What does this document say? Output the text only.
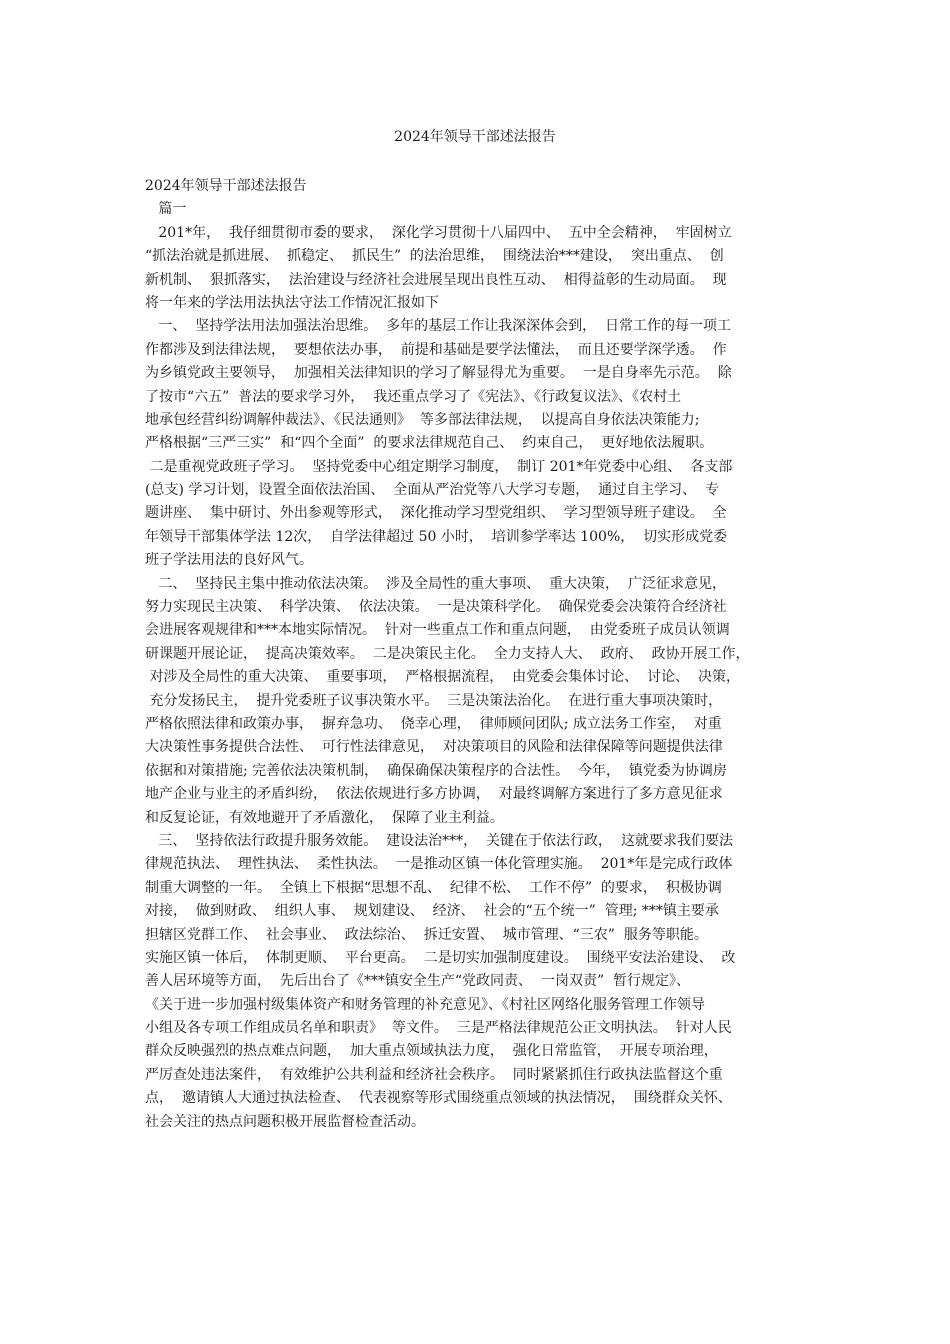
2024年领导干部述法报告
2024年领导干部述法报告
篇一
201*年，  我仔细贯彻市委的要求，  深化学习贯彻十八届四中、  五中全会精神，  牢固树立
“抓法治就是抓进展、  抓稳定、  抓民生”  的法治思维，  围绕法治***建设，  突出重点、  创
新机制、  狠抓落实，  法治建设与经济社会进展呈现出良性互动、  相得益彰的生动局面。  现
将一年来的学法用法执法守法工作情况汇报如下
一、  坚持学法用法加强法治思维。  多年的基层工作让我深深体会到，  日常工作的每一项工
作都涉及到法律法规，  要想依法办事，  前提和基础是要学法懂法，  而且还要学深学透。  作
为乡镇党政主要领导，  加强相关法律知识的学习了解显得尤为重要。  一是自身率先示范。  除
了按市“六五”  普法的要求学习外，  我还重点学习了《宪法》、《行政复议法》、《农村土
地承包经营纠纷调解仲裁法》、《民法通则》  等多部法律法规，  以提高自身依法决策能力;
严格根据“三严三实”  和“四个全面”  的要求法律规范自己、  约束自己，  更好地依法履职。
二是重视党政班子学习。  坚持党委中心组定期学习制度，  制订 201*年党委中心组、  各支部
(总支) 学习计划，设置全面依法治国、  全面从严治党等八大学习专题，  通过自主学习、  专
题讲座、  集中研讨、外出参观等形式，  深化推动学习型党组织、  学习型领导班子建设。  全
年领导干部集体学法 12次，  自学法律超过 50 小时，  培训参学率达 100%，  切实形成党委
班子学法用法的良好风气。
二、  坚持民主集中推动依法决策。  涉及全局性的重大事项、  重大决策，  广泛征求意见，
努力实现民主决策、  科学决策、  依法决策。  一是决策科学化。  确保党委会决策符合经济社
会进展客观规律和***本地实际情况。  针对一些重点工作和重点问题，  由党委班子成员认领调
研课题开展论证，  提高决策效率。  二是决策民主化。  全力支持人大、  政府、  政协开展工作，
对涉及全局性的重大决策、  重要事项，  严格根据流程，  由党委会集体讨论、  讨论、  决策，
充分发扬民主，  提升党委班子议事决策水平。  三是决策法治化。  在进行重大事项决策时，
严格依照法律和政策办事，  摒弃急功、  侥幸心理，  律师顾问团队; 成立法务工作室，  对重
大决策性事务提供合法性、  可行性法律意见，  对决策项目的风险和法律保障等问题提供法律
依据和对策措施; 完善依法决策机制，  确保确保决策程序的合法性。  今年，  镇党委为协调房
地产企业与业主的矛盾纠纷，  依法依规进行多方协调，  对最终调解方案进行了多方意见征求
和反复论证，有效地避开了矛盾激化，  保障了业主利益。
三、  坚持依法行政提升服务效能。  建设法治***，  关键在于依法行政，  这就要求我们要法
律规范执法、  理性执法、  柔性执法。  一是推动区镇一体化管理实施。  201*年是完成行政体
制重大调整的一年。  全镇上下根据“思想不乱、  纪律不松、  工作不停”  的要求，  积极协调
对接，  做到财政、  组织人事、  规划建设、  经济、  社会的“五个统一”  管理; ***镇主要承
担辖区党群工作、  社会事业、  政法综治、  拆迁安置、  城市管理、“三农”  服务等职能。
实施区镇一体后，  体制更顺、  平台更高。  二是切实加强制度建设。  围绕平安法治建设、  改
善人居环境等方面，  先后出台了《***镇安全生产“党政同责、  一岗双责”  暂行规定》、
《关于进一步加强村级集体资产和财务管理的补充意见》、《村社区网络化服务管理工作领导
小组及各专项工作组成员名单和职责》  等文件。  三是严格法律规范公正文明执法。  针对人民
群众反映强烈的热点难点问题，  加大重点领域执法力度，  强化日常监管，  开展专项治理，
严厉查处违法案件，  有效维护公共利益和经济社会秩序。  同时紧紧抓住行政执法监督这个重
点，  邀请镇人大通过执法检查、  代表视察等形式围绕重点领域的执法情况，  围绕群众关怀、
社会关注的热点问题积极开展监督检查活动。
